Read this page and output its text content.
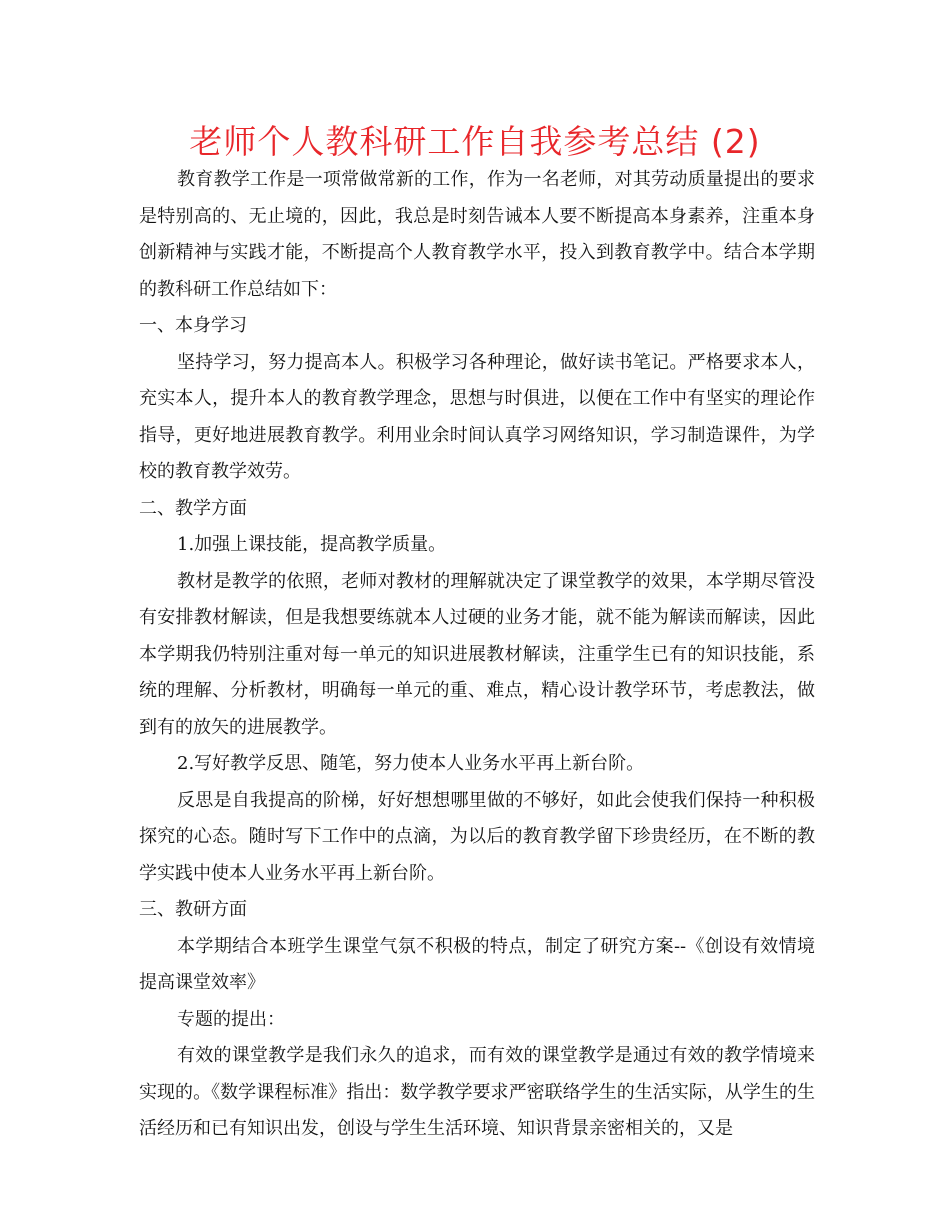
老师个人教科研工作自我参考总结 (2)

教育教学工作是一项常做常新的工作，作为一名老师，对其劳动质量提出的要求是特别高的、无止境的，因此，我总是时刻告诫本人要不断提高本身素养，注重本身创新精神与实践才能，不断提高个人教育教学水平，投入到教育教学中。结合本学期的教科研工作总结如下：

一、本身学习

坚持学习，努力提高本人。积极学习各种理论，做好读书笔记。严格要求本人，充实本人，提升本人的教育教学理念，思想与时俱进，以便在工作中有坚实的理论作指导，更好地进展教育教学。利用业余时间认真学习网络知识，学习制造课件，为学校的教育教学效劳。

二、教学方面

1.加强上课技能，提高教学质量。

教材是教学的依照，老师对教材的理解就决定了课堂教学的效果，本学期尽管没有安排教材解读，但是我想要练就本人过硬的业务才能，就不能为解读而解读，因此本学期我仍特别注重对每一单元的知识进展教材解读，注重学生已有的知识技能，系统的理解、分析教材，明确每一单元的重、难点，精心设计教学环节，考虑教法，做到有的放矢的进展教学。

2.写好教学反思、随笔，努力使本人业务水平再上新台阶。

反思是自我提高的阶梯，好好想想哪里做的不够好，如此会使我们保持一种积极探究的心态。随时写下工作中的点滴，为以后的教育教学留下珍贵经历，在不断的教学实践中使本人业务水平再上新台阶。

三、教研方面

本学期结合本班学生课堂气氛不积极的特点，制定了研究方案--《创设有效情境提高课堂效率》

专题的提出：

有效的课堂教学是我们永久的追求，而有效的课堂教学是通过有效的教学情境来实现的。《数学课程标准》指出：数学教学要求严密联络学生的生活实际，从学生的生活经历和已有知识出发，创设与学生生活环境、知识背景亲密相关的，又是
